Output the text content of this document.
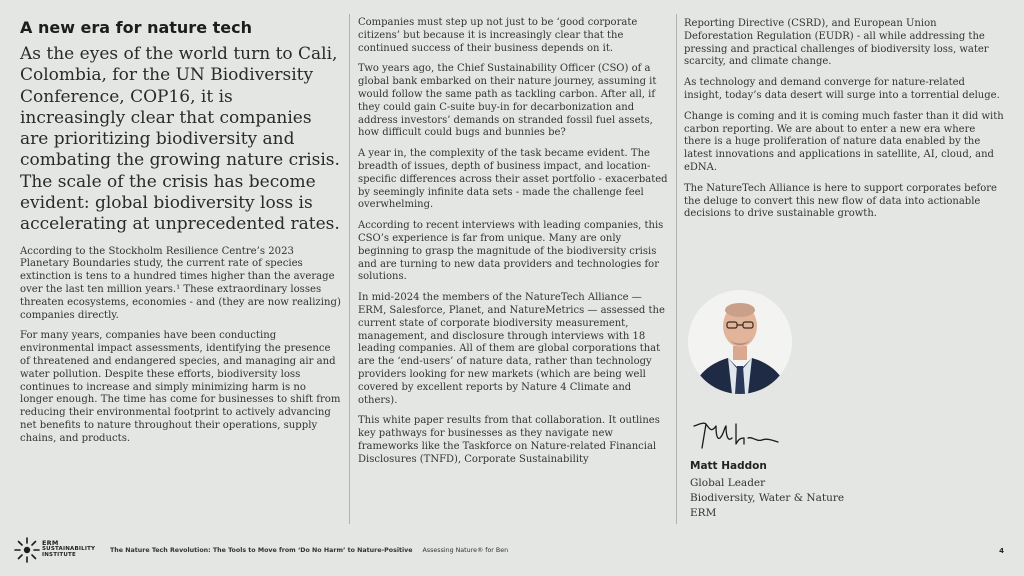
A new era for nature tech
As the eyes of the world turn to Cali, Colombia, for the UN Biodiversity Conference, COP16, it is increasingly clear that companies are prioritizing biodiversity and combating the growing nature crisis. The scale of the crisis has become evident: global biodiversity loss is accelerating at unprecedented rates.

According to the Stockholm Resilience Centre’s 2023 Planetary Boundaries study, the current rate of species extinction is tens to a hundred times higher than the average over the last ten million years.¹ These extraordinary losses threaten ecosystems, economies - and (they are now realizing) companies directly.

For many years, companies have been conducting environmental impact assessments, identifying the presence of threatened and endangered species, and managing air and water pollution. Despite these efforts, biodiversity loss continues to increase and simply minimizing harm is no longer enough. The time has come for businesses to shift from reducing their environmental footprint to actively advancing net benefits to nature throughout their operations, supply chains, and products.

Companies must step up not just to be ‘good corporate citizens’ but because it is increasingly clear that the continued success of their business depends on it.

Two years ago, the Chief Sustainability Officer (CSO) of a global bank embarked on their nature journey, assuming it would follow the same path as tackling carbon. After all, if they could gain C-suite buy-in for decarbonization and address investors’ demands on stranded fossil fuel assets, how difficult could bugs and bunnies be?

A year in, the complexity of the task became evident. The breadth of issues, depth of business impact, and location-specific differences across their asset portfolio - exacerbated by seemingly infinite data sets - made the challenge feel overwhelming.

According to recent interviews with leading companies, this CSO’s experience is far from unique. Many are only beginning to grasp the magnitude of the biodiversity crisis and are turning to new data providers and technologies for solutions.

In mid-2024 the members of the NatureTech Alliance — ERM, Salesforce, Planet, and NatureMetrics — assessed the current state of corporate biodiversity measurement, management, and disclosure through interviews with 18 leading companies. All of them are global corporations that are the ‘end-users’ of nature data, rather than technology providers looking for new markets (which are being well covered by excellent reports by Nature 4 Climate and others).

This white paper results from that collaboration. It outlines key pathways for businesses as they navigate new frameworks like the Taskforce on Nature-related Financial Disclosures (TNFD), Corporate Sustainability

Reporting Directive (CSRD), and European Union Deforestation Regulation (EUDR) - all while addressing the pressing and practical challenges of biodiversity loss, water scarcity, and climate change.

As technology and demand converge for nature-related insight, today’s data desert will surge into a torrential deluge.

Change is coming and it is coming much faster than it did with carbon reporting. We are about to enter a new era where there is a huge proliferation of nature data enabled by the latest innovations and applications in satellite, AI, cloud, and eDNA.

The NatureTech Alliance is here to support corporates before the deluge to convert this new flow of data into actionable decisions to drive sustainable growth.

Matt Haddon
Global Leader
Biodiversity, Water & Nature
ERM
ERM
SUSTAINABILITY
INSTITUTE
The Nature Tech Revolution: The Tools to Move from ‘Do No Harm’ to Nature-Positive Assessing Nature® for Ben	4
